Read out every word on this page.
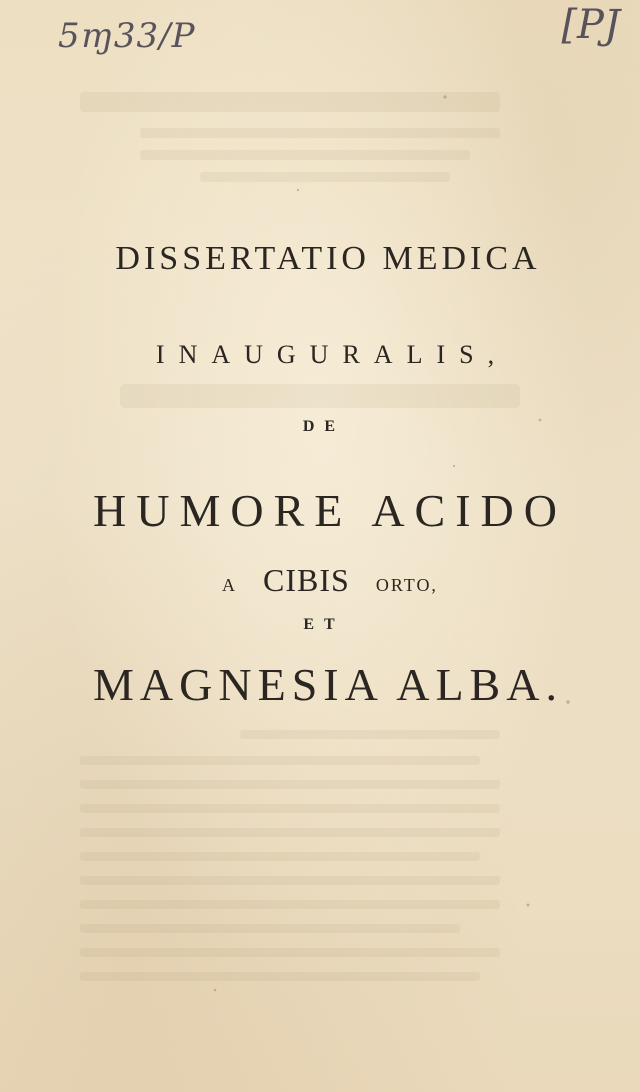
5ɱ33/P	[PJ
DISSERTATIO MEDICA
INAUGURALIS,
DE
HUMORE ACIDO
A CIBIS ORTO,
ET
MAGNESIA ALBA.
